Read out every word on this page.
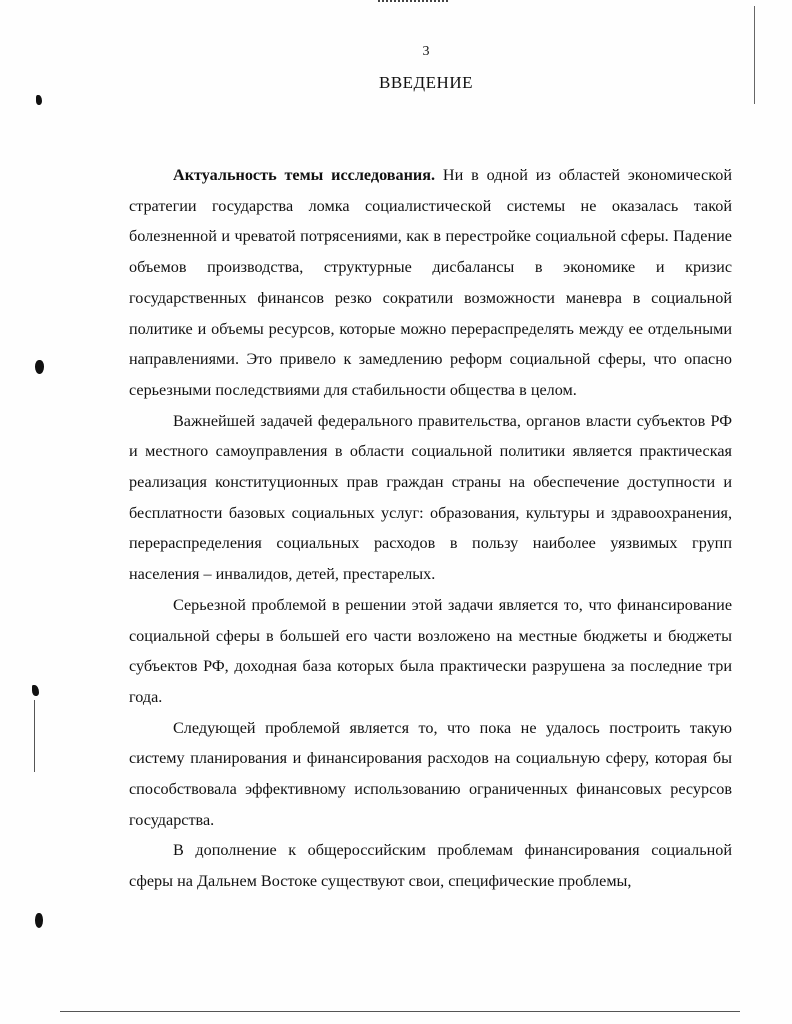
3
ВВЕДЕНИЕ

Актуальность темы исследования. Ни в одной из областей экономической стратегии государства ломка социалистической системы не оказалась такой болезненной и чреватой потрясениями, как в перестройке социальной сферы. Падение объемов производства, структурные дисбалансы в экономике и кризис государственных финансов резко сократили возможности маневра в социальной политике и объемы ресурсов, которые можно перераспределять между ее отдельными направлениями. Это привело к замедлению реформ социальной сферы, что опасно серьезными последствиями для стабильности общества в целом.

Важнейшей задачей федерального правительства, органов власти субъектов РФ и местного самоуправления в области социальной политики является практическая реализация конституционных прав граждан страны на обеспечение доступности и бесплатности базовых социальных услуг: образования, культуры и здравоохранения, перераспределения социальных расходов в пользу наиболее уязвимых групп населения – инвалидов, детей, престарелых.

Серьезной проблемой в решении этой задачи является то, что финансирование социальной сферы в большей его части возложено на местные бюджеты и бюджеты субъектов РФ, доходная база которых была практически разрушена за последние три года.

Следующей проблемой является то, что пока не удалось построить такую систему планирования и финансирования расходов на социальную сферу, которая бы способствовала эффективному использованию ограниченных финансовых ресурсов государства.

В дополнение к общероссийским проблемам финансирования социальной сферы на Дальнем Востоке существуют свои, специфические проблемы,
